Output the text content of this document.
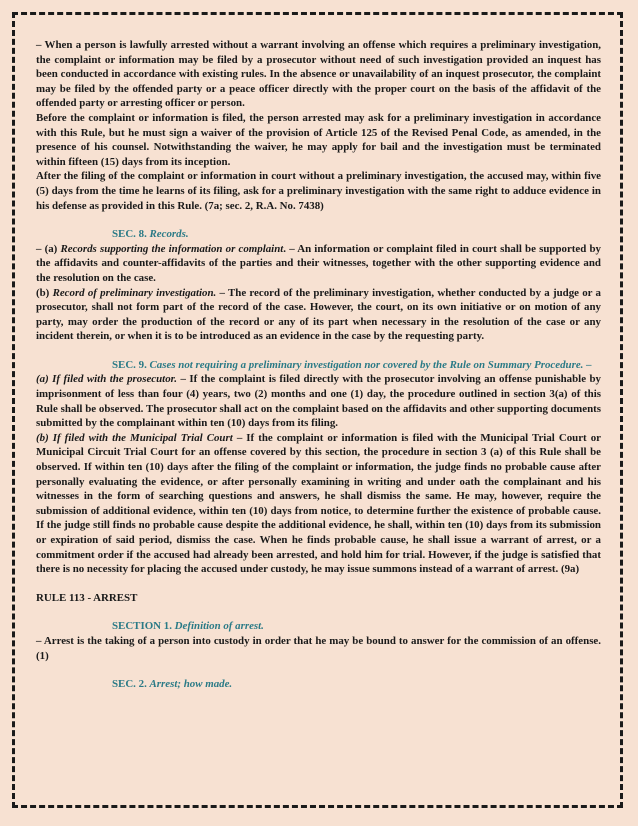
– When a person is lawfully arrested without a warrant involving an offense which requires a preliminary investigation, the complaint or information may be filed by a prosecutor without need of such investigation provided an inquest has been conducted in accordance with existing rules. In the absence or unavailability of an inquest prosecutor, the complaint may be filed by the offended party or a peace officer directly with the proper court on the basis of the affidavit of the offended party or arresting officer or person.

Before the complaint or information is filed, the person arrested may ask for a preliminary investigation in accordance with this Rule, but he must sign a waiver of the provision of Article 125 of the Revised Penal Code, as amended, in the presence of his counsel. Notwithstanding the waiver, he may apply for bail and the investigation must be terminated within fifteen (15) days from its inception.

After the filing of the complaint or information in court without a preliminary investigation, the accused may, within five (5) days from the time he learns of its filing, ask for a preliminary investigation with the same right to adduce evidence in his defense as provided in this Rule. (7a; sec. 2, R.A. No. 7438)

SEC. 8. Records.

– (a) Records supporting the information or complaint. – An information or complaint filed in court shall be supported by the affidavits and counter-affidavits of the parties and their witnesses, together with the other supporting evidence and the resolution on the case.

(b) Record of preliminary investigation. – The record of the preliminary investigation, whether conducted by a judge or a prosecutor, shall not form part of the record of the case. However, the court, on its own initiative or on motion of any party, may order the production of the record or any of its part when necessary in the resolution of the case or any incident therein, or when it is to be introduced as an evidence in the case by the requesting party.

SEC. 9. Cases not requiring a preliminary investigation nor covered by the Rule on Summary Procedure. –

(a) If filed with the prosecutor. – If the complaint is filed directly with the prosecutor involving an offense punishable by imprisonment of less than four (4) years, two (2) months and one (1) day, the procedure outlined in section 3(a) of this Rule shall be observed. The prosecutor shall act on the complaint based on the affidavits and other supporting documents submitted by the complainant within ten (10) days from its filing.

(b) If filed with the Municipal Trial Court – If the complaint or information is filed with the Municipal Trial Court or Municipal Circuit Trial Court for an offense covered by this section, the procedure in section 3 (a) of this Rule shall be observed. If within ten (10) days after the filing of the complaint or information, the judge finds no probable cause after personally evaluating the evidence, or after personally examining in writing and under oath the complainant and his witnesses in the form of searching questions and answers, he shall dismiss the same. He may, however, require the submission of additional evidence, within ten (10) days from notice, to determine further the existence of probable cause. If the judge still finds no probable cause despite the additional evidence, he shall, within ten (10) days from its submission or expiration of said period, dismiss the case. When he finds probable cause, he shall issue a warrant of arrest, or a commitment order if the accused had already been arrested, and hold him for trial. However, if the judge is satisfied that there is no necessity for placing the accused under custody, he may issue summons instead of a warrant of arrest. (9a)

RULE 113 - ARREST

SECTION 1. Definition of arrest.

– Arrest is the taking of a person into custody in order that he may be bound to answer for the commission of an offense. (1)

SEC. 2. Arrest; how made.
